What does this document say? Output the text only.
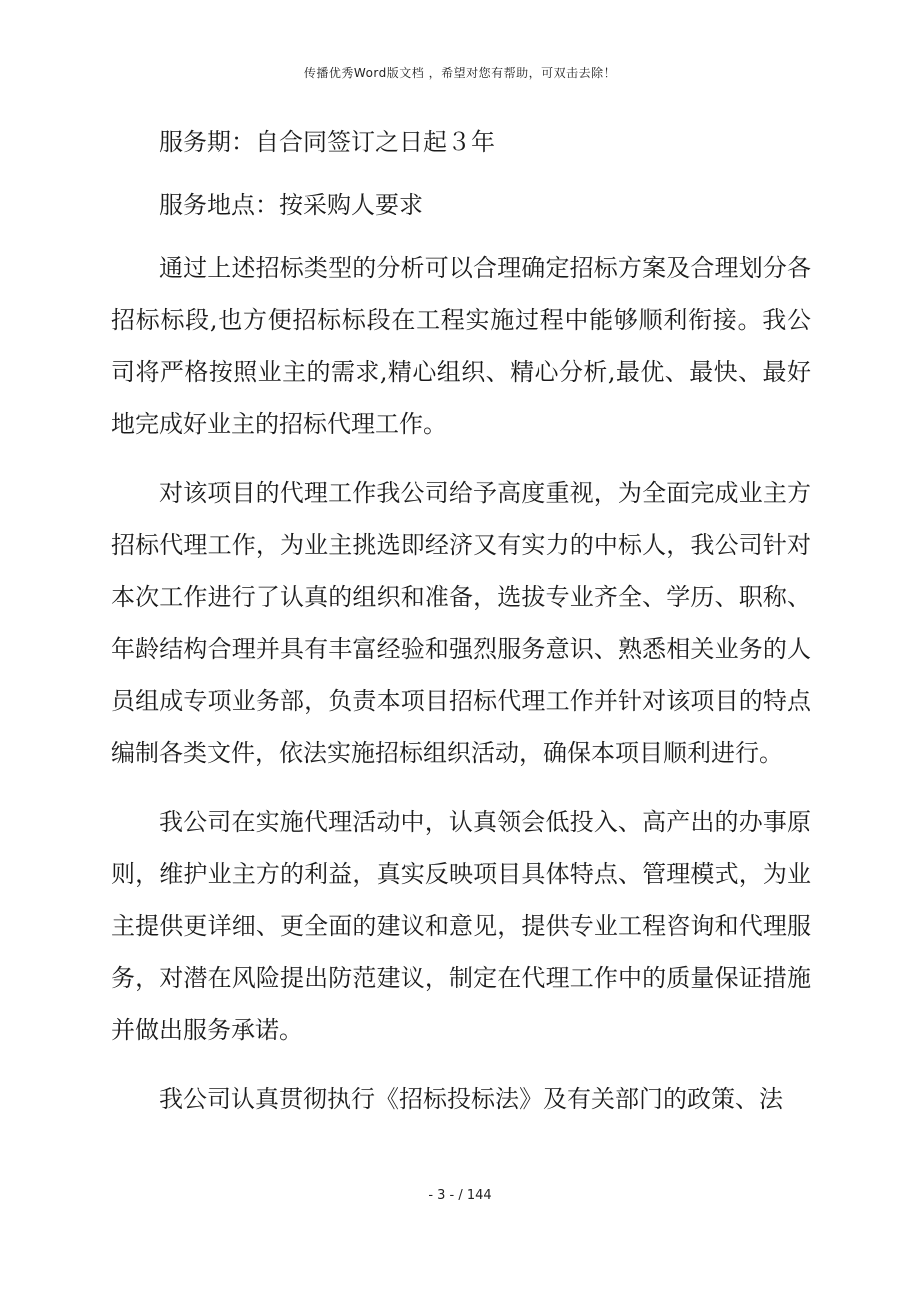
传播优秀Word版文档 ，希望对您有帮助，可双击去除！

服务期：自合同签订之日起３年

服务地点：按采购人要求

通过上述招标类型的分析可以合理确定招标方案及合理划分各招标标段,也方便招标标段在工程实施过程中能够顺利衔接。我公司将严格按照业主的需求,精心组织、精心分析,最优、最快、最好地完成好业主的招标代理工作。

对该项目的代理工作我公司给予高度重视，为全面完成业主方招标代理工作，为业主挑选即经济又有实力的中标人，我公司针对本次工作进行了认真的组织和准备，选拔专业齐全、学历、职称、年龄结构合理并具有丰富经验和强烈服务意识、熟悉相关业务的人员组成专项业务部，负责本项目招标代理工作并针对该项目的特点编制各类文件，依法实施招标组织活动，确保本项目顺利进行。

我公司在实施代理活动中，认真领会低投入、高产出的办事原则，维护业主方的利益，真实反映项目具体特点、管理模式，为业主提供更详细、更全面的建议和意见，提供专业工程咨询和代理服务，对潜在风险提出防范建议，制定在代理工作中的质量保证措施并做出服务承诺。

我公司认真贯彻执行《招标投标法》及有关部门的政策、法

- 3 - / 144
